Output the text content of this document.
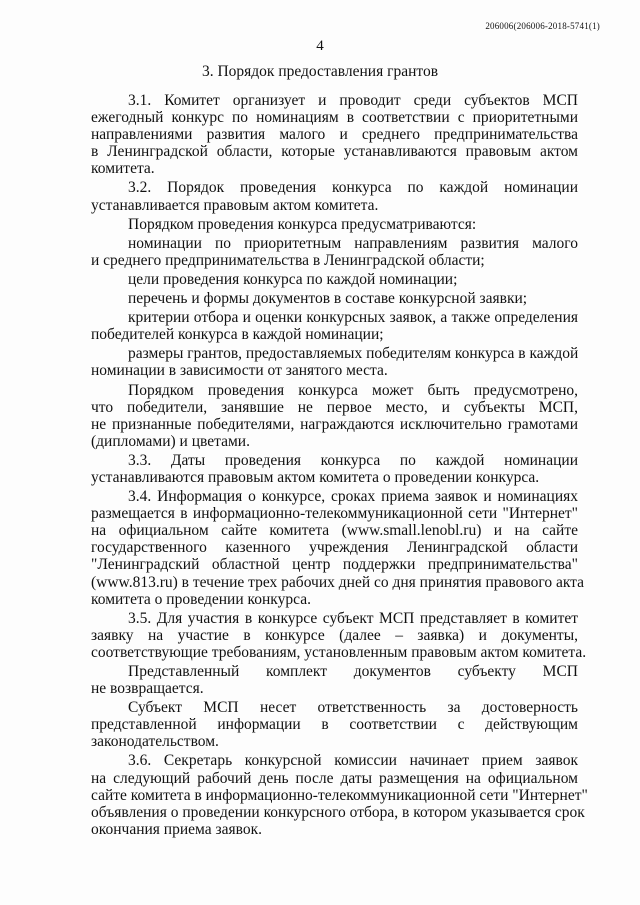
206006(206006-2018-5741(1)
4
3. Порядок предоставления грантов

3.1. Комитет организует и проводит среди субъектов МСП
ежегодный конкурс по номинациям в соответствии с приоритетными
направлениями развития малого и среднего предпринимательства
в Ленинградской области, которые устанавливаются правовым актом
комитета.

3.2. Порядок проведения конкурса по каждой номинации
устанавливается правовым актом комитета.

Порядком проведения конкурса предусматриваются:

номинации по приоритетным направлениям развития малого
и среднего предпринимательства в Ленинградской области;

цели проведения конкурса по каждой номинации;

перечень и формы документов в составе конкурсной заявки;

критерии отбора и оценки конкурсных заявок, а также определения
победителей конкурса в каждой номинации;

размеры грантов, предоставляемых победителям конкурса в каждой
номинации в зависимости от занятого места.

Порядком проведения конкурса может быть предусмотрено,
что победители, занявшие не первое место, и субъекты МСП,
не признанные победителями, награждаются исключительно грамотами
(дипломами) и цветами.

3.3. Даты проведения конкурса по каждой номинации
устанавливаются правовым актом комитета о проведении конкурса.

3.4. Информация о конкурсе, сроках приема заявок и номинациях
размещается в информационно-телекоммуникационной сети "Интернет"
на официальном сайте комитета (www.small.lenobl.ru) и на сайте
государственного казенного учреждения Ленинградской области
"Ленинградский областной центр поддержки предпринимательства"
(www.813.ru) в течение трех рабочих дней со дня принятия правового акта
комитета о проведении конкурса.

3.5. Для участия в конкурсе субъект МСП представляет в комитет
заявку на участие в конкурсе (далее – заявка) и документы,
соответствующие требованиям, установленным правовым актом комитета.

Представленный комплект документов субъекту МСП
не возвращается.

Субъект МСП несет ответственность за достоверность
представленной информации в соответствии с действующим
законодательством.

3.6. Секретарь конкурсной комиссии начинает прием заявок
на следующий рабочий день после даты размещения на официальном
сайте комитета в информационно-телекоммуникационной сети "Интернет"
объявления о проведении конкурсного отбора, в котором указывается срок
окончания приема заявок.
